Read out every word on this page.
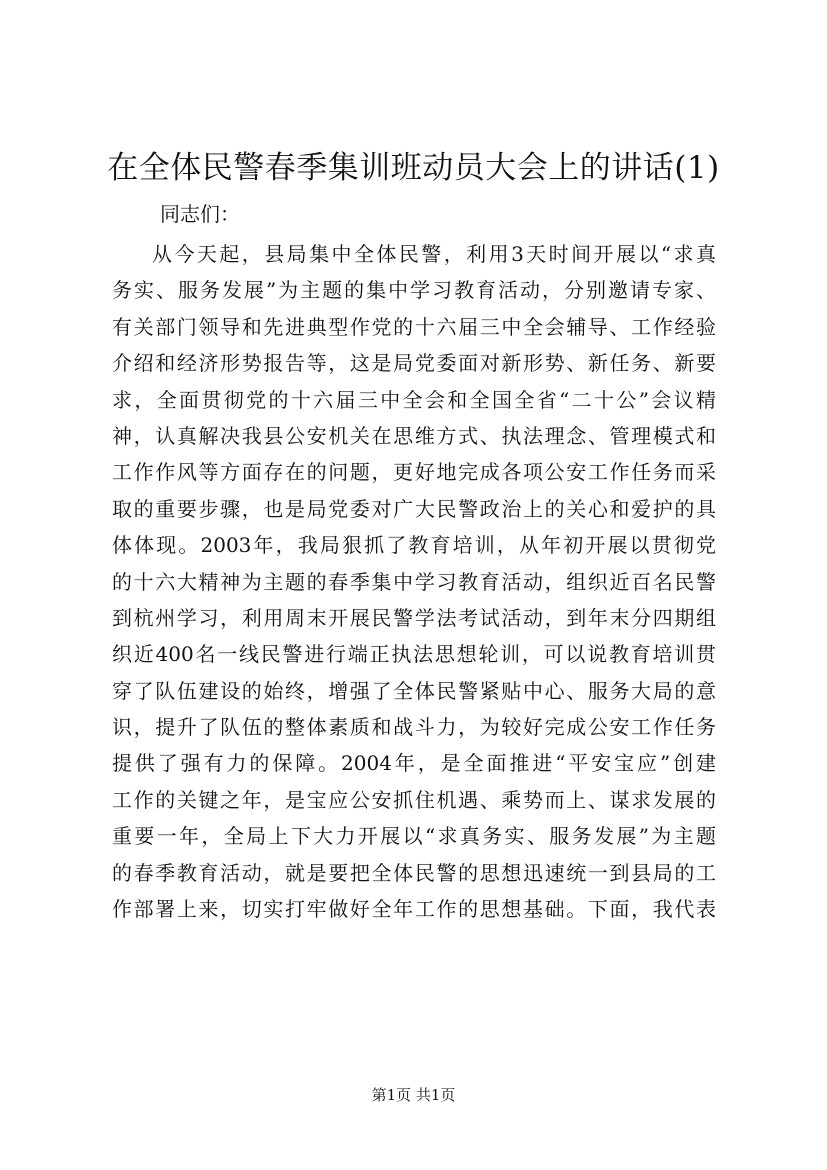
在全体民警春季集训班动员大会上的讲话(1)

同志们：

从今天起，县局集中全体民警，利用3天时间开展以“求真
务实、服务发展”为主题的集中学习教育活动，分别邀请专家、
有关部门领导和先进典型作党的十六届三中全会辅导、工作经验
介绍和经济形势报告等，这是局党委面对新形势、新任务、新要
求，全面贯彻党的十六届三中全会和全国全省“二十公”会议精
神，认真解决我县公安机关在思维方式、执法理念、管理模式和
工作作风等方面存在的问题，更好地完成各项公安工作任务而采
取的重要步骤，也是局党委对广大民警政治上的关心和爱护的具
体体现。2003年，我局狠抓了教育培训，从年初开展以贯彻党
的十六大精神为主题的春季集中学习教育活动，组织近百名民警
到杭州学习，利用周末开展民警学法考试活动，到年末分四期组
织近400名一线民警进行端正执法思想轮训，可以说教育培训贯
穿了队伍建设的始终，增强了全体民警紧贴中心、服务大局的意
识，提升了队伍的整体素质和战斗力，为较好完成公安工作任务
提供了强有力的保障。2004年，是全面推进“平安宝应”创建
工作的关键之年，是宝应公安抓住机遇、乘势而上、谋求发展的
重要一年，全局上下大力开展以“求真务实、服务发展”为主题
的春季教育活动，就是要把全体民警的思想迅速统一到县局的工
作部署上来，切实打牢做好全年工作的思想基础。下面，我代表

第1页 共1页
